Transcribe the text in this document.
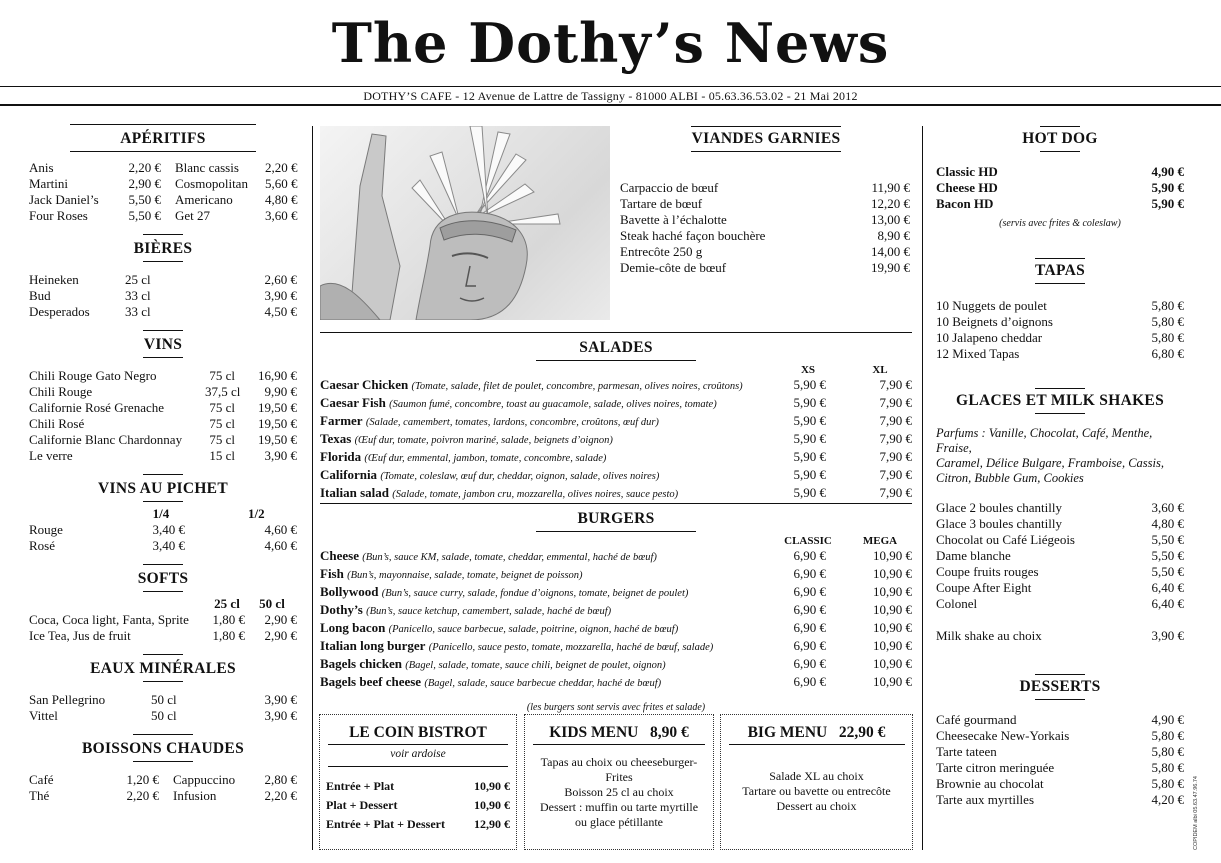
The Dothy’s News
DOTHY’S CAFE - 12 Avenue de Lattre de Tassigny - 81000 ALBI - 05.63.36.53.02 - 21 Mai 2012
APÉRITIFS
Anis	2,20 €	Blanc cassis	2,20 €
Martini	2,90 €	Cosmopolitan	5,60 €
Jack Daniel’s	5,50 €	Americano	4,80 €
Four Roses	5,50 €	Get 27	3,60 €
BIÈRES
Heineken	25 cl	2,60 €
Bud	33 cl	3,90 €
Desperados	33 cl	4,50 €
VINS
Chili Rouge Gato Negro	75 cl	16,90 €
Chili Rouge	37,5 cl	9,90 €
Californie Rosé Grenache	75 cl	19,50 €
Chili Rosé	75 cl	19,50 €
Californie Blanc Chardonnay	75 cl	19,50 €
Le verre	15 cl	3,90 €
VINS AU PICHET
1/4	1/2
Rouge	3,40 €	4,60 €
Rosé	3,40 €	4,60 €
SOFTS
25 cl	50 cl
Coca, Coca light, Fanta, Sprite	1,80 €	2,90 €
Ice Tea, Jus de fruit	1,80 €	2,90 €
EAUX MINÉRALES
San Pellegrino	50 cl	3,90 €
Vittel	50 cl	3,90 €
BOISSONS CHAUDES
Café	1,20 €	Cappuccino	2,80 €
Thé	2,20 €	Infusion	2,20 €
VIANDES GARNIES
Carpaccio de bœuf	11,90 €
Tartare de bœuf	12,20 €
Bavette à l’échalotte	13,00 €
Steak haché façon bouchère	8,90 €
Entrecôte 250 g	14,00 €
Demie-côte de bœuf	19,90 €
SALADES
XS	XL
Caesar Chicken (Tomate, salade, filet de poulet, concombre, parmesan, olives noires, croûtons)	5,90 €	7,90 €
Caesar Fish (Saumon fumé, concombre, toast au guacamole, salade, olives noires, tomate)	5,90 €	7,90 €
Farmer (Salade, camembert, tomates, lardons, concombre, croûtons, œuf dur)	5,90 €	7,90 €
Texas (Œuf dur, tomate, poivron mariné, salade, beignets d’oignon)	5,90 €	7,90 €
Florida (Œuf dur, emmental, jambon, tomate, concombre, salade)	5,90 €	7,90 €
California (Tomate, coleslaw, œuf dur, cheddar, oignon, salade, olives noires)	5,90 €	7,90 €
Italian salad (Salade, tomate, jambon cru, mozzarella, olives noires, sauce pesto)	5,90 €	7,90 €
BURGERS
CLASSIC	MEGA
Cheese (Bun’s, sauce KM, salade, tomate, cheddar, emmental, haché de bœuf)	6,90 €	10,90 €
Fish (Bun’s, mayonnaise, salade, tomate, beignet de poisson)	6,90 €	10,90 €
Bollywood (Bun’s, sauce curry, salade, fondue d’oignons, tomate, beignet de poulet)	6,90 €	10,90 €
Dothy’s (Bun’s, sauce ketchup, camembert, salade, haché de bœuf)	6,90 €	10,90 €
Long bacon (Panicello, sauce barbecue, salade, poitrine, oignon, haché de bœuf)	6,90 €	10,90 €
Italian long burger (Panicello, sauce pesto, tomate, mozzarella, haché de bœuf, salade)	6,90 €	10,90 €
Bagels chicken (Bagel, salade, tomate, sauce chili, beignet de poulet, oignon)	6,90 €	10,90 €
Bagels beef cheese (Bagel, salade, sauce barbecue cheddar, haché de bœuf)	6,90 €	10,90 €
(les burgers sont servis avec frites et salade)
LE COIN BISTROT
voir ardoise
Entrée + Plat	10,90 €
Plat + Dessert	10,90 €
Entrée + Plat + Dessert	12,90 €
KIDS MENU 8,90 €
Tapas au choix ou cheeseburger-
Frites
Boisson 25 cl au choix
Dessert : muffin ou tarte myrtille
ou glace pétillante
BIG MENU 22,90 €
Salade XL au choix
Tartare ou bavette ou entrecôte
Dessert au choix
HOT DOG
Classic HD	4,90 €
Cheese HD	5,90 €
Bacon HD	5,90 €
(servis avec frites & coleslaw)
TAPAS
10 Nuggets de poulet	5,80 €
10 Beignets d’oignons	5,80 €
10 Jalapeno cheddar	5,80 €
12 Mixed Tapas	6,80 €
GLACES ET MILK SHAKES
Parfums : Vanille, Chocolat, Café, Menthe, Fraise,
Caramel, Délice Bulgare, Framboise, Cassis,
Citron, Bubble Gum, Cookies
Glace 2 boules chantilly	3,60 €
Glace 3 boules chantilly	4,80 €
Chocolat ou Café Liégeois	5,50 €
Dame blanche	5,50 €
Coupe fruits rouges	5,50 €
Coupe After Eight	6,40 €
Colonel	6,40 €
Milk shake au choix	3,90 €
DESSERTS
Café gourmand	4,90 €
Cheesecake New-Yorkais	5,80 €
Tarte tateen	5,80 €
Tarte citron meringuée	5,80 €
Brownie au chocolat	5,80 €
Tarte aux myrtilles	4,20 € COPIDEM albi 05.63.47.96.74
